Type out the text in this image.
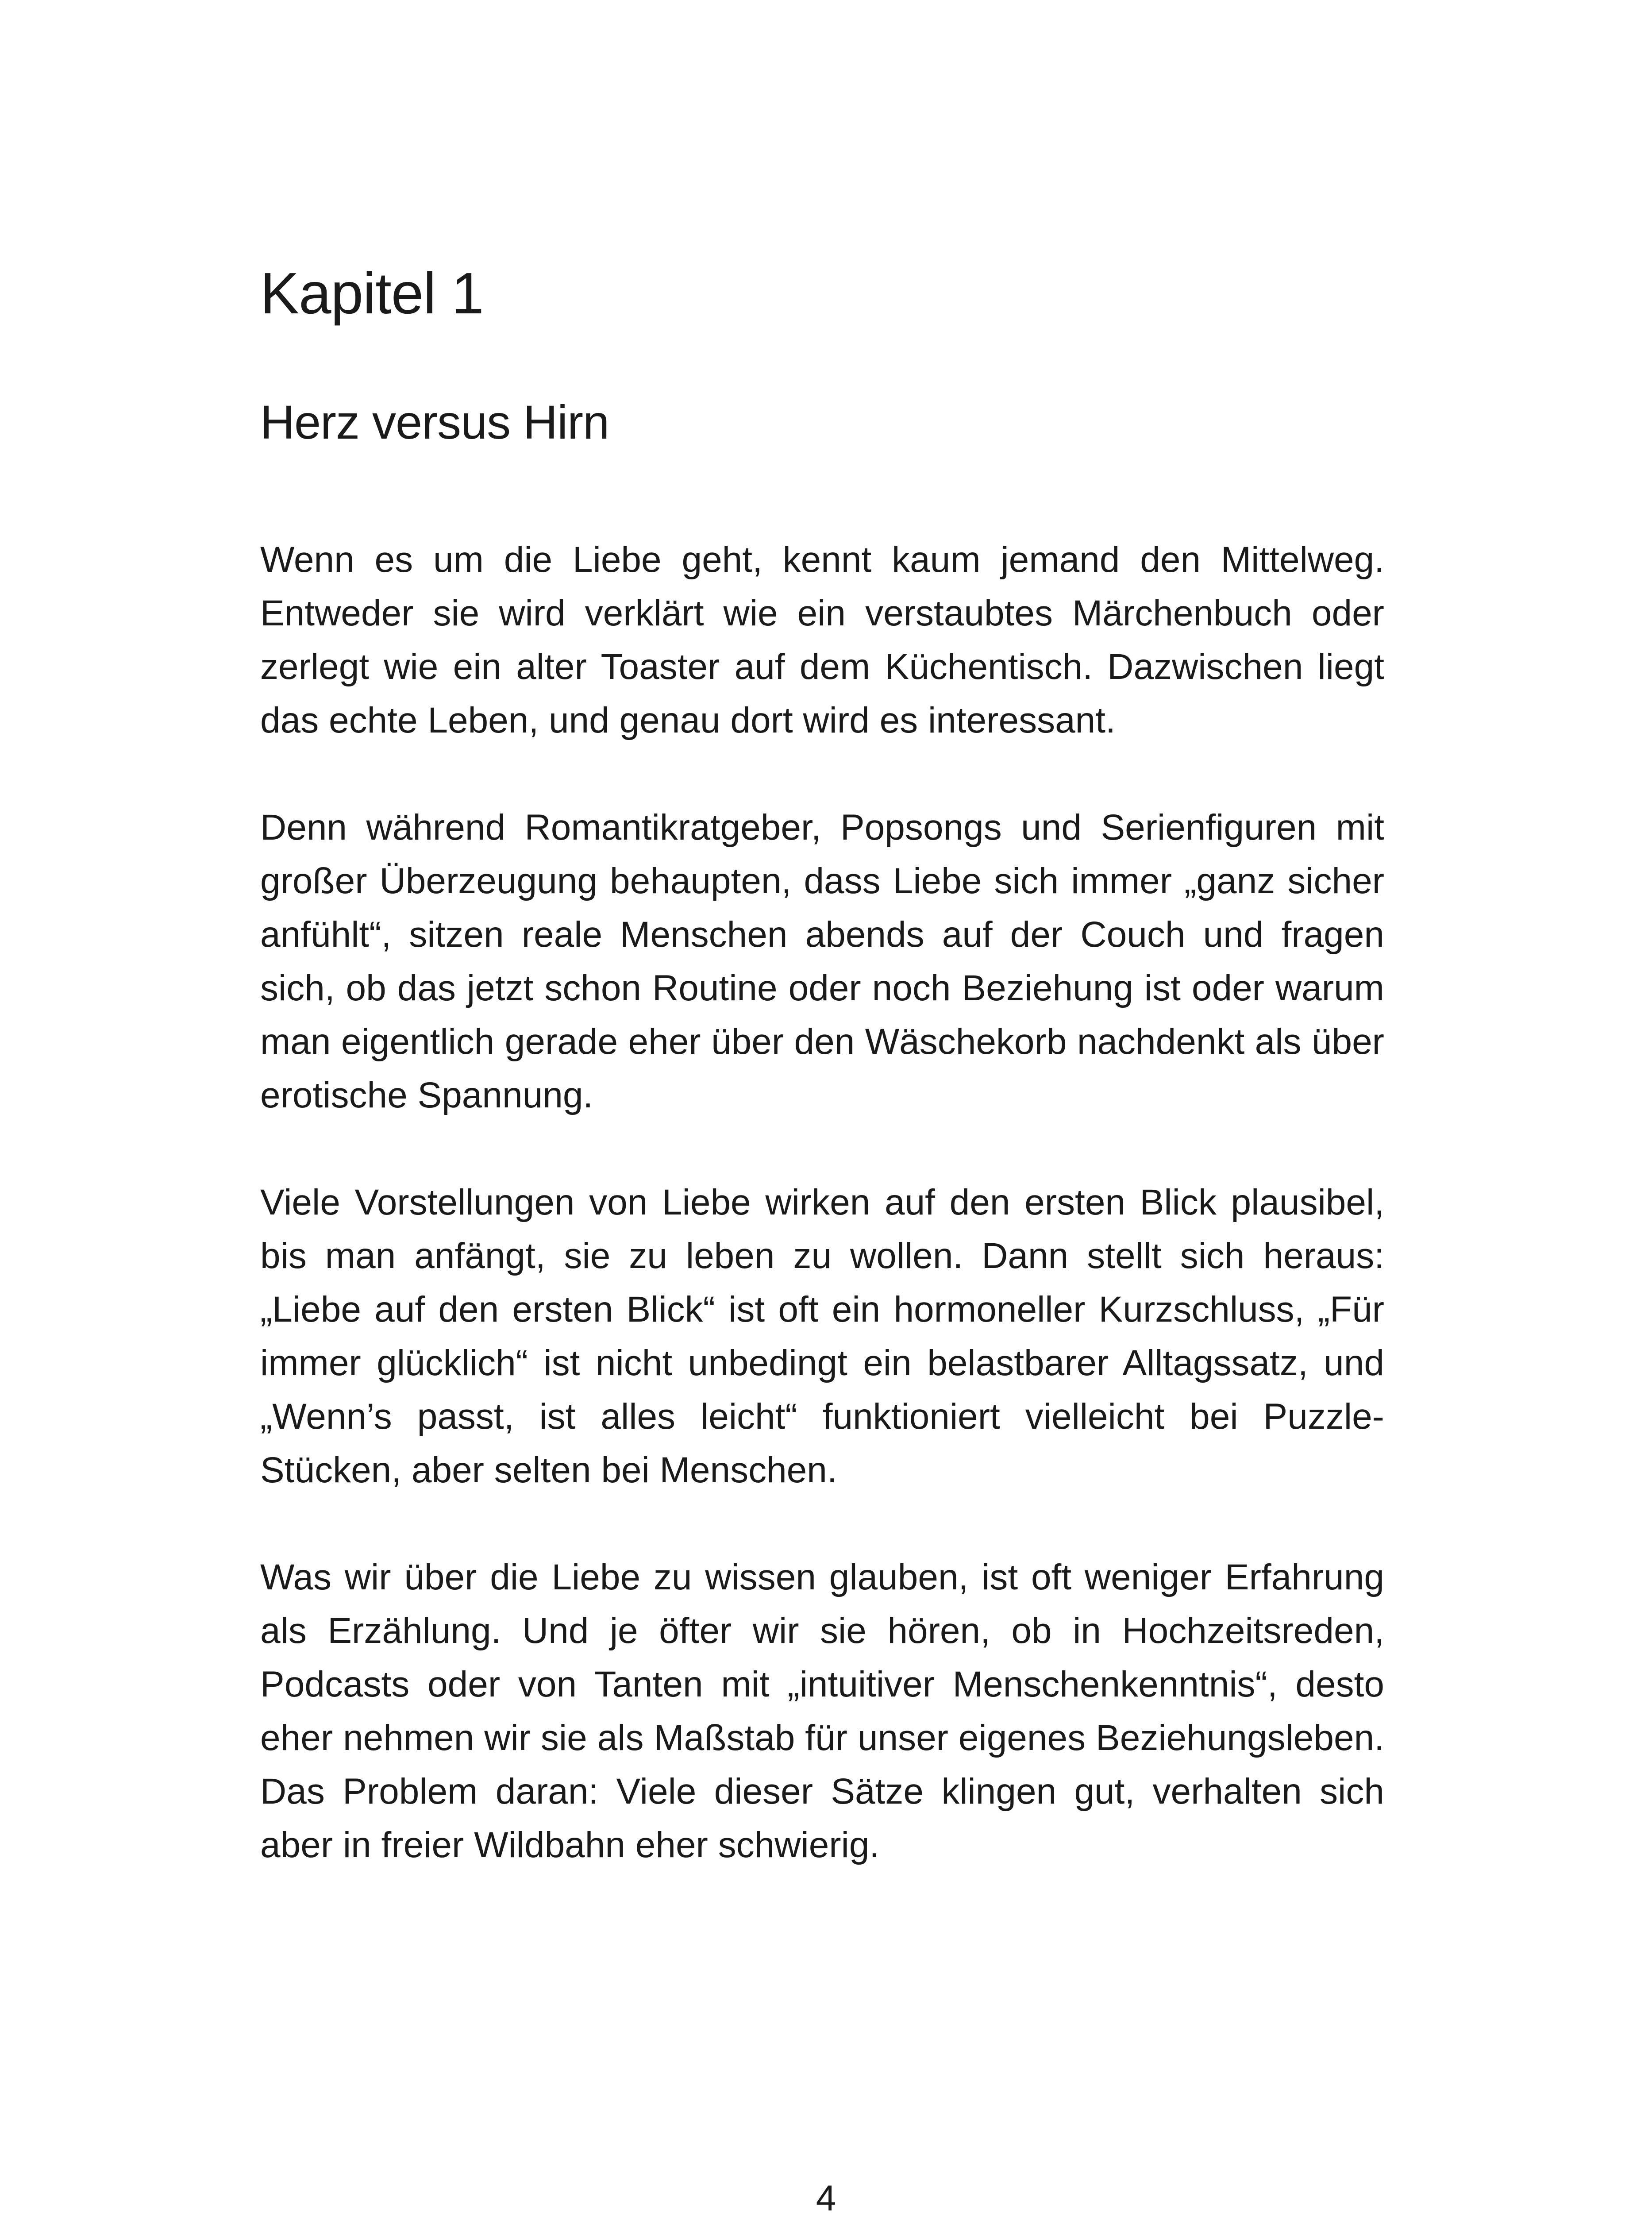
Kapitel 1
Herz versus Hirn

Wenn es um die Liebe geht, kennt kaum jemand den Mittelweg. Entweder sie wird verklärt wie ein verstaubtes Märchenbuch oder zerlegt wie ein alter Toaster auf dem Küchentisch. Dazwischen liegt das echte Leben, und genau dort wird es interessant.

Denn während Romantikratgeber, Popsongs und Serienfiguren mit großer Überzeugung behaupten, dass Liebe sich immer „ganz sicher anfühlt“, sitzen reale Menschen abends auf der Couch und fragen sich, ob das jetzt schon Routine oder noch Beziehung ist oder warum man eigentlich gerade eher über den Wäschekorb nachdenkt als über erotische Spannung.

Viele Vorstellungen von Liebe wirken auf den ersten Blick plausibel, bis man anfängt, sie zu leben zu wollen. Dann stellt sich heraus: „Liebe auf den ersten Blick“ ist oft ein hormoneller Kurzschluss, „Für immer glücklich“ ist nicht unbedingt ein belastbarer Alltagssatz, und „Wenn’s passt, ist alles leicht“ funktioniert vielleicht bei Puzzle-Stücken, aber selten bei Menschen.

Was wir über die Liebe zu wissen glauben, ist oft weniger Erfahrung als Erzählung. Und je öfter wir sie hören, ob in Hochzeitsreden, Podcasts oder von Tanten mit „intuitiver Menschenkenntnis“, desto eher nehmen wir sie als Maßstab für unser eigenes Beziehungsleben. Das Problem daran: Viele dieser Sätze klingen gut, verhalten sich aber in freier Wildbahn eher schwierig.

4
